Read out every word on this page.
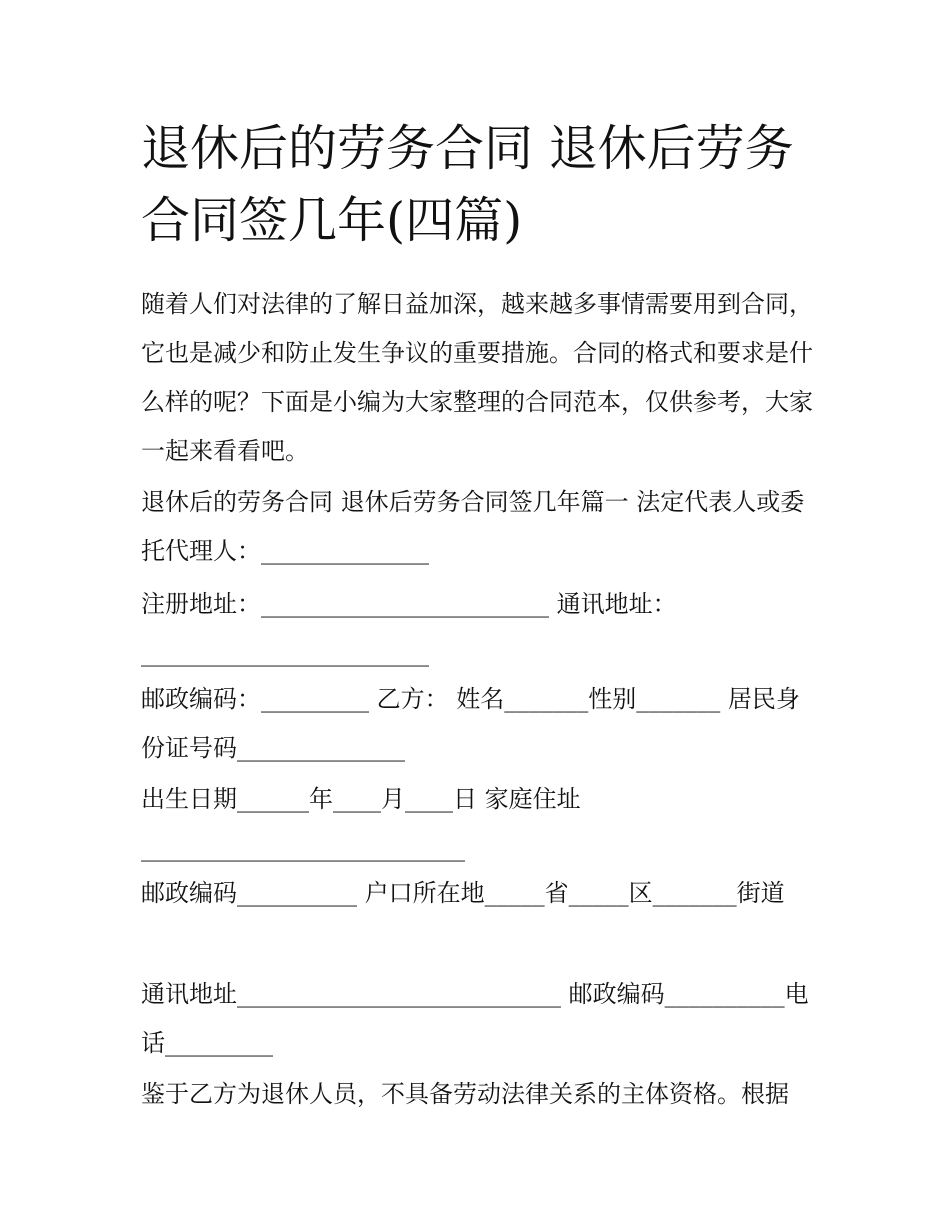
退休后的劳务合同 退休后劳务合同签几年(四篇)

随着人们对法律的了解日益加深，越来越多事情需要用到合同，它也是减少和防止发生争议的重要措施。合同的格式和要求是什么样的呢？下面是小编为大家整理的合同范本，仅供参考，大家一起来看看吧。

退休后的劳务合同 退休后劳务合同签几年篇一 法定代表人或委托代理人：______________

注册地址：________________________ 通讯地址：________________________

邮政编码：_________ 乙方： 姓名_______性别_______ 居民身份证号码______________

出生日期______年____月____日 家庭住址___________________________

邮政编码__________ 户口所在地_____省_____区_______街道

通讯地址___________________________ 邮政编码__________电话_________

鉴于乙方为退休人员，不具备劳动法律关系的主体资格。根据
